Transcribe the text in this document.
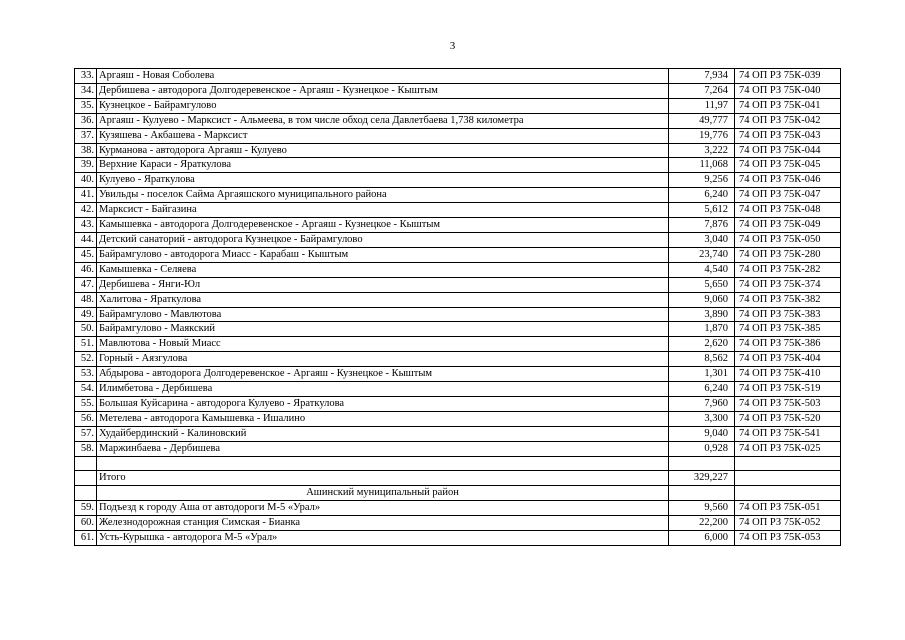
3
33.	Аргаяш - Новая Соболева	7,934	74 ОП РЗ 75К-039
34.	Дербишева - автодорога Долгодеревенское - Аргаяш - Кузнецкое - Кыштым	7,264	74 ОП РЗ 75К-040
35.	Кузнецкое - Байрамгулово	11,97	74 ОП РЗ 75К-041
36.	Аргаяш - Кулуево - Марксист - Альмеева, в том числе обход села Давлетбаева 1,738 километра	49,777	74 ОП РЗ 75К-042
37.	Кузяшева - Акбашева - Марксист	19,776	74 ОП РЗ 75К-043
38.	Курманова - автодорога Аргаяш - Кулуево	3,222	74 ОП РЗ 75К-044
39.	Верхние Караси - Яраткулова	11,068	74 ОП РЗ 75К-045
40.	Кулуево - Яраткулова	9,256	74 ОП РЗ 75К-046
41.	Увильды - поселок Сайма Аргаяшского муниципального района	6,240	74 ОП РЗ 75К-047
42.	Марксист - Байгазина	5,612	74 ОП РЗ 75К-048
43.	Камышевка - автодорога Долгодеревенское - Аргаяш - Кузнецкое - Кыштым	7,876	74 ОП РЗ 75К-049
44.	Детский санаторий - автодорога Кузнецкое - Байрамгулово	3,040	74 ОП РЗ 75К-050
45.	Байрамгулово - автодорога Миасс - Карабаш - Кыштым	23,740	74 ОП РЗ 75К-280
46.	Камышевка - Селяева	4,540	74 ОП РЗ 75К-282
47.	Дербишева - Янги-Юл	5,650	74 ОП РЗ 75К-374
48.	Халитова - Яраткулова	9,060	74 ОП РЗ 75К-382
49.	Байрамгулово - Мавлютова	3,890	74 ОП РЗ 75К-383
50.	Байрамгулово - Маякский	1,870	74 ОП РЗ 75К-385
51.	Мавлютова - Новый Миасс	2,620	74 ОП РЗ 75К-386
52.	Горный - Аязгулова	8,562	74 ОП РЗ 75К-404
53.	Абдырова - автодорога Долгодеревенское - Аргаяш - Кузнецкое - Кыштым	1,301	74 ОП РЗ 75К-410
54.	Илимбетова - Дербишева	6,240	74 ОП РЗ 75К-519
55.	Большая Куйсарина - автодорога Кулуево - Яраткулова	7,960	74 ОП РЗ 75К-503
56.	Метелева - автодорога Камышевка - Ишалино	3,300	74 ОП РЗ 75К-520
57.	Худайбердинский - Калиновский	9,040	74 ОП РЗ 75К-541
58.	Маржинбаева - Дербишева	0,928	74 ОП РЗ 75К-025

	Итого	329,227	
	Ашинский муниципальный район		
59.	Подъезд к городу Аша от автодороги М-5 «Урал»	9,560	74 ОП РЗ 75К-051
60.	Железнодорожная станция Симская - Бианка	22,200	74 ОП РЗ 75К-052
61.	Усть-Курышка - автодорога М-5 «Урал»	6,000	74 ОП РЗ 75К-053
